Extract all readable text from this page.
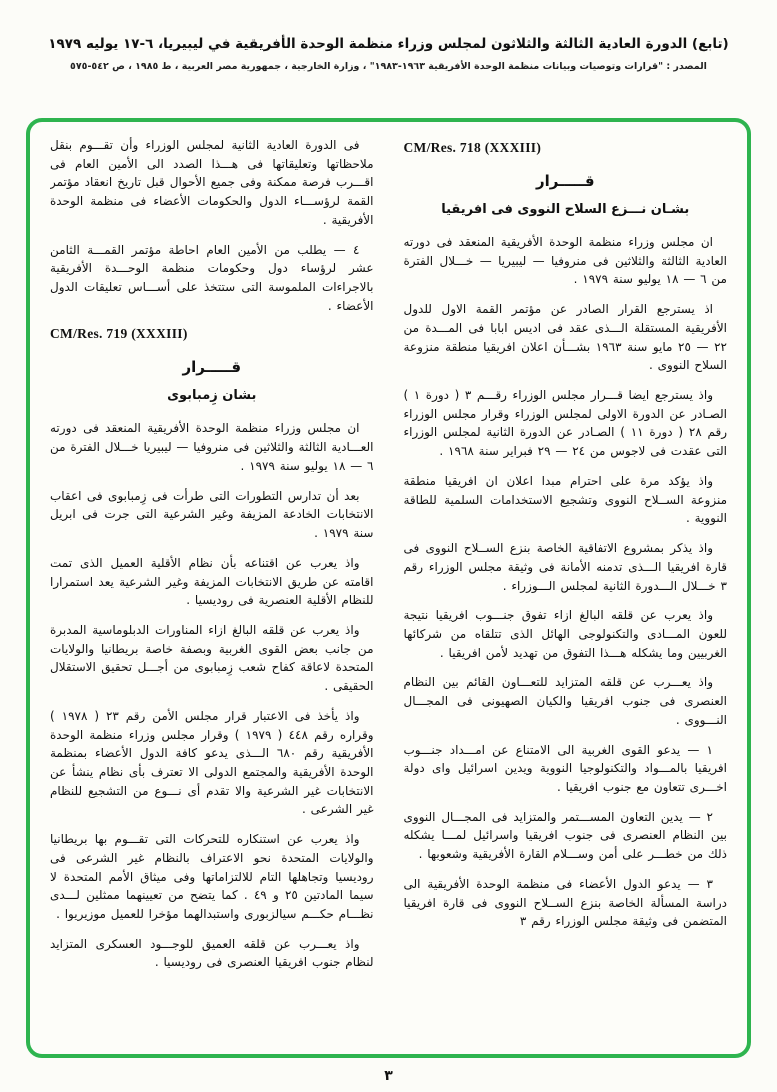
(تابع) الدورة العادية الثالثة والثلاثون لمجلس وزراء منظمة الوحدة الأفريقية في ليبيريا، ٦-١٧ يوليه ١٩٧٩
المصدر : "قرارات وتوصيات وبيانات منظمة الوحدة الأفريقية ١٩٦٣-١٩٨٣" ، وزارة الخارجية ، جمهورية مصر العربية ، ط ١٩٨٥ ، ص ٥٤٢-٥٧٥
CM/Res. 718 (XXXIII)
قـــــرار
بشـان نـــزع السلاح النووى فى افريقيا
ان مجلس وزراء منظمة الوحدة الأفريقية المنعقد فى دورته العادية الثالثة والثلاثين فى منروفيا — ليبيريا — خـــلال الفترة من ٦ — ١٨ يوليو سنة ١٩٧٩ .
اذ يسترجع القرار الصادر عن مؤتمر القمة الاول للدول الأفريقية المستقلة الـــذى عقد فى اديس ابابا فى المـــدة من ٢٢ — ٢٥ مايو سنة ١٩٦٣ بشـــأن اعلان افريقيا منطقة منزوعة السلاح النووى .
واذ يسترجع ايضا قـــرار مجلس الوزراء رقـــم ٣ ( دورة ١ ) الصـادر عن الدورة الاولى لمجلس الوزراء وقرار مجلس الوزراء رقم ٢٨ ( دورة ١١ ) الصـادر عن الدورة الثانية لمجلس الوزراء التى عقدت فى لاجوس من ٢٤ — ٢٩ فبراير سنة ١٩٦٨ .
واذ يؤكد مرة على احترام مبدا اعلان ان افريقيا منطقة منزوعة الســلاح النووى وتشجيع الاستخدامات السلمية للطاقة النووية .
واذ يذكر بمشروع الاتفاقية الخاصة بنزع الســلاح النووى فى قارة افريقيا الـــذى تدمنه الأمانة فى وثيقة مجلس الوزراء رقم ٣ خـــلال الـــدورة الثانية لمجلس الـــوزراء .
واذ يعرب عن قلقه البالغ ازاء تفوق جنـــوب افريقيا نتيجة للعون المـــادى والتكنولوجى الهائل الذى تتلقاه من شركائها الغربيين وما يشكله هـــذا التفوق من تهديد لأمن افريقيا .
واذ يعـــرب عن قلقه المتزايد للتعـــاون القائم بين النظام العنصرى فى جنوب افريقيا والكيان الصهيونى فى المجـــال النـــووى .
١ — يدعو القوى الغربية الى الامتناع عن امـــداد جنـــوب افريقيا بالمـــواد والتكنولوجيا النووية ويدين اسرائيل واى دولة اخـــرى تتعاون مع جنوب افريقيا .
٢ — يدين التعاون المســـتمر والمتزايد فى المجـــال النووى بين النظام العنصرى فى جنوب افريقيا واسرائيل لمـــا يشكله ذلك من خطـــر على أمن وســـلام القارة الأفريقية وشعوبها .
٣ — يدعو الدول الأعضاء فى منظمة الوحدة الأفريقية الى دراسة المسألة الخاصة بنزع الســلاح النووى فى قارة افريقيا المتضمن فى وثيقة مجلس الوزراء رقم ٣
فى الدورة العادية الثانية لمجلس الوزراء وأن تقـــوم بنقل ملاحظاتها وتعليقاتها فى هـــذا الصدد الى الأمين العام فى اقـــرب فرصة ممكنة وفى جميع الأحوال قبل تاريخ انعقاد مؤتمر القمة لرؤســـاء الدول والحكومات الأعضاء فى منظمة الوحدة الأفريقية .
٤ — يطلب من الأمين العام احاطة مؤتمر القمـــة الثامن عشر لرؤساء دول وحكومات منظمة الوحـــدة الأفريقية بالاجراءات الملموسة التى ستتخذ على أســـاس تعليقات الدول الأعضاء .
CM/Res. 719 (XXXIII)
قـــــرار
بشان زِمبابوى
ان مجلس وزراء منظمة الوحدة الأفريقية المنعقد فى دورته العـــادية الثالثة والثلاثين فى منروفيا — ليبيريا خـــلال الفترة من ٦ — ١٨ يوليو سنة ١٩٧٩ .
بعد أن تدارس التطورات التى طرأت فى زِمبابوى فى اعقاب الانتخابات الخادعة المزيفة وغير الشرعية التى جرت فى ابريل سنة ١٩٧٩ .
واذ يعرب عن اقتناعه بأن نظام الأقلية العميل الذى تمت اقامته عن طريق الانتخابات المزيفة وغير الشرعية يعد استمرارا للنظام الأقلية العنصرية فى روديسيا .
واذ يعرب عن قلقه البالغ ازاء المناورات الدبلوماسية المدبرة من جانب بعض القوى الغربية وبصفة خاصة بريطانيا والولايات المتحدة لاعاقة كفاح شعب زِمبابوى من أجـــل تحقيق الاستقلال الحقيقى .
واذ يأخذ فى الاعتبار قرار مجلس الأمن رقم ٢٣ ( ١٩٧٨ ) وقراره رقم ٤٤٨ ( ١٩٧٩ ) وقرار مجلس وزراء منظمة الوحدة الأفريقية رقم ٦٨٠ الـــذى يدعو كافة الدول الأعضاء بمنظمة الوحدة الأفريقية والمجتمع الدولى الا تعترف بأى نظام ينشأ عن الانتخابات غير الشرعية والا تقدم أى نـــوع من التشجيع للنظام غير الشرعى .
واذ يعرب عن استنكاره للتحركات التى تقـــوم بها بريطانيا والولايات المتحدة نحو الاعتراف بالنظام غير الشرعى فى روديسيا وتجاهلها التام للالتزاماتها وفى ميثاق الأمم المتحدة لا سيما المادتين ٢٥ و ٤٩ . كما يتضح من تعيينهما ممثلين لـــدى نظـــام حكـــم سيالزبورى واستبدالهما مؤخرا للعميل موزيريوا .
واذ يعـــرب عن قلقه العميق للوجـــود العسكرى المتزايد لنظام جنوب افريقيا العنصرى فى روديسيا .
٣
